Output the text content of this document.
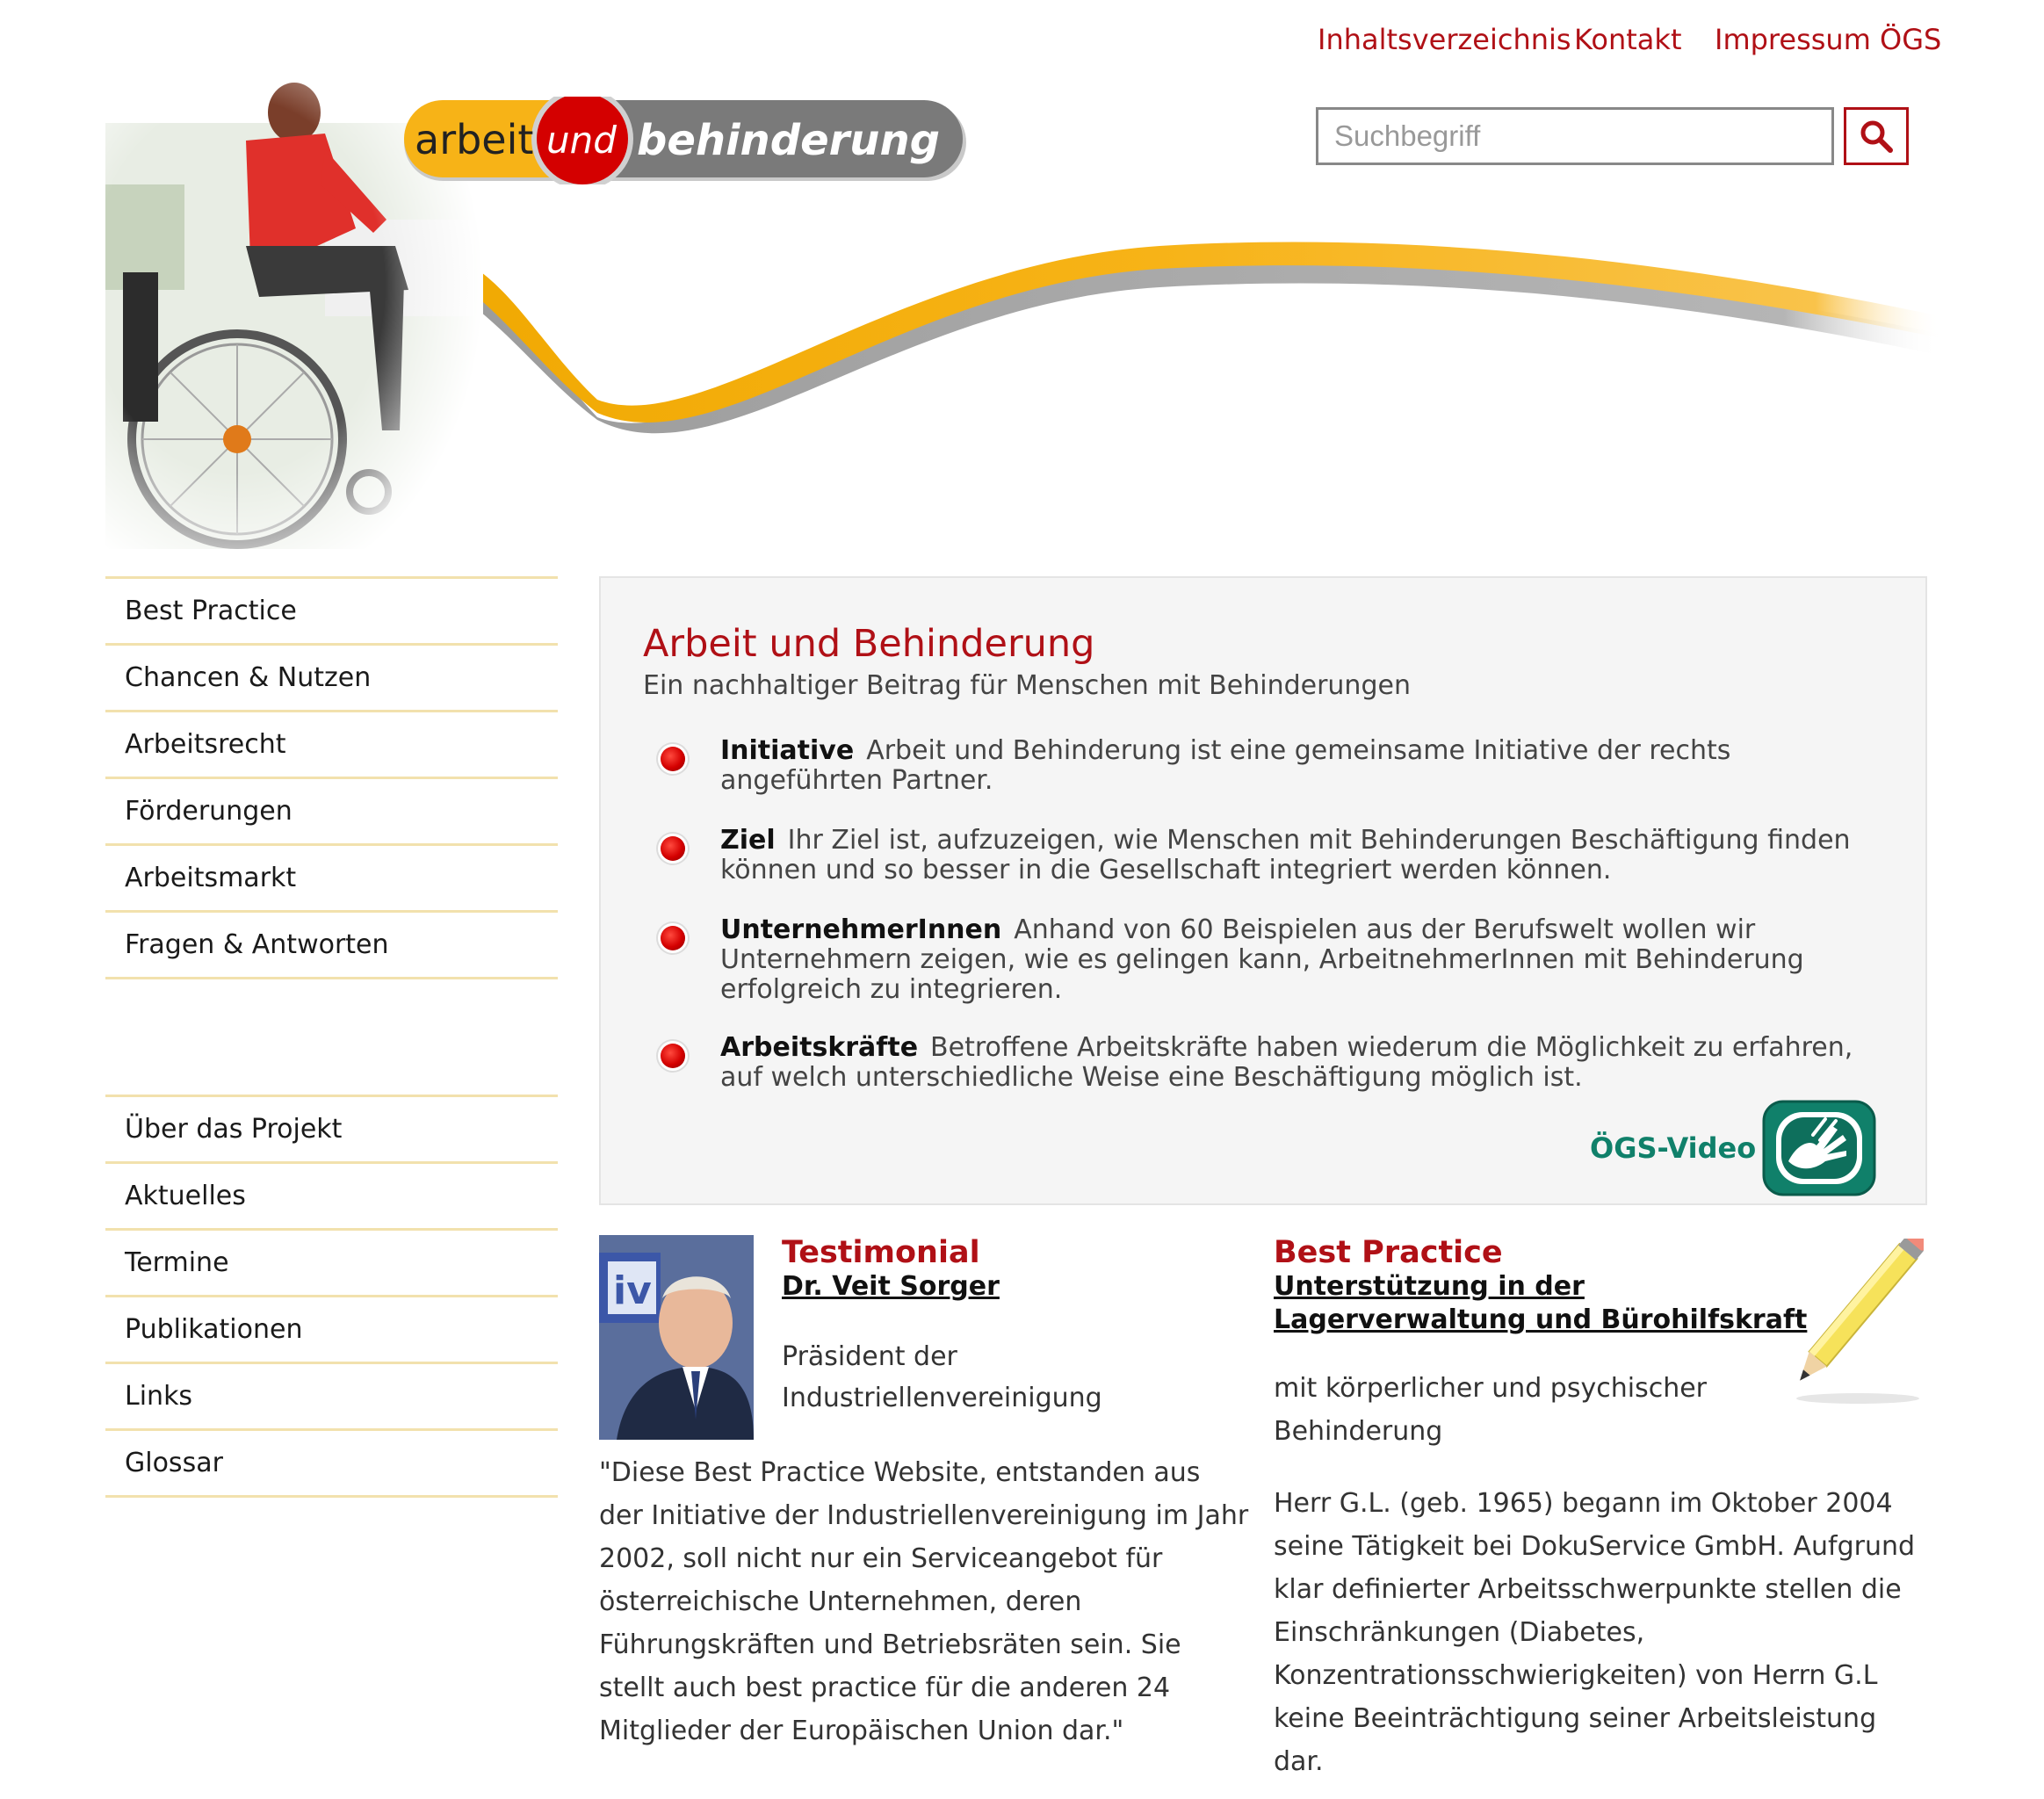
Inhaltsverzeichnis Kontakt Impressum ÖGS
arbeit und behinderung
Suchbegriff
Best Practice
Chancen & Nutzen
Arbeitsrecht
Förderungen
Arbeitsmarkt
Fragen & Antworten
Über das Projekt
Aktuelles
Termine
Publikationen
Links
Glossar
Arbeit und Behinderung
Ein nachhaltiger Beitrag für Menschen mit Behinderungen
Initiative Arbeit und Behinderung ist eine gemeinsame Initiative der rechts angeführten Partner.
Ziel Ihr Ziel ist, aufzuzeigen, wie Menschen mit Behinderungen Beschäftigung finden können und so besser in die Gesellschaft integriert werden können.
UnternehmerInnen Anhand von 60 Beispielen aus der Berufswelt wollen wir Unternehmern zeigen, wie es gelingen kann, ArbeitnehmerInnen mit Behinderung erfolgreich zu integrieren.
Arbeitskräfte Betroffene Arbeitskräfte haben wiederum die Möglichkeit zu erfahren, auf welch unterschiedliche Weise eine Beschäftigung möglich ist.
ÖGS-Video
iv
Testimonial
Dr. Veit Sorger
Präsident der
Industriellenvereinigung
"Diese Best Practice Website, entstanden aus der Initiative der Industriellenvereinigung im Jahr 2002, soll nicht nur ein Serviceangebot für österreichische Unternehmen, deren Führungskräften und Betriebsräten sein. Sie stellt auch best practice für die anderen 24 Mitglieder der Europäischen Union dar."
Best Practice
Unterstützung in der
Lagerverwaltung und Bürohilfskraft
mit körperlicher und psychischer Behinderung
Herr G.L. (geb. 1965) begann im Oktober 2004 seine Tätigkeit bei DokuService GmbH. Aufgrund klar definierter Arbeitsschwerpunkte stellen die Einschränkungen (Diabetes, Konzentrationsschwierigkeiten) von Herrn G.L keine Beeinträchtigung seiner Arbeitsleistung dar.
